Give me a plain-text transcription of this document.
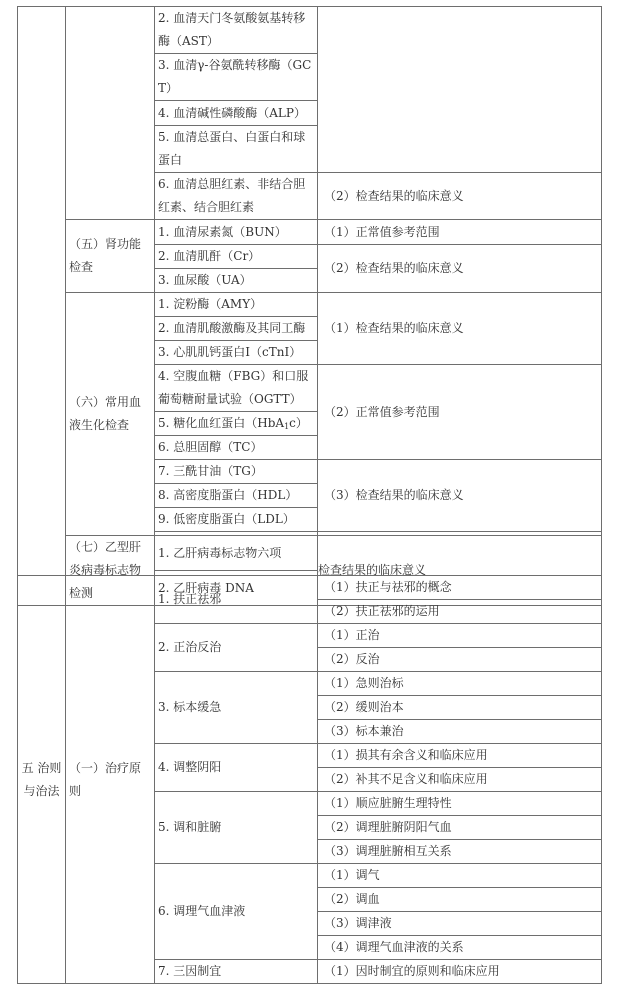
		2. 血清天门冬氨酸氨基转移酶（AST）	
		3. 血清γ-谷氨酰转移酶（GCT）	
		4. 血清碱性磷酸酶（ALP）	
		5. 血清总蛋白、白蛋白和球蛋白	
		6. 血清总胆红素、非结合胆红素、结合胆红素	（2）检查结果的临床意义
	（五）肾功能检查	1. 血清尿素氮（BUN）	（1）正常值参考范围
		2. 血清肌酐（Cr）	（2）检查结果的临床意义
		3. 血尿酸（UA）	
	（六）常用血液生化检查	1. 淀粉酶（AMY）	（1）检查结果的临床意义
		2. 血清肌酸激酶及其同工酶	
		3. 心肌肌钙蛋白Ⅰ（cTnI）	
		4. 空腹血糖（FBG）和口服葡萄糖耐量试验（OGTT）	（2）正常值参考范围
		5. 糖化血红蛋白（HbA$_1$c）	
		6. 总胆固醇（TC）	
		7. 三酰甘油（TG）	（3）检查结果的临床意义
		8. 高密度脂蛋白（HDL）	
		9. 低密度脂蛋白（LDL）	

	（七）乙型肝炎病毒标志物检测	1. 乙肝病毒标志物六项	检查结果的临床意义
		2. 乙肝病毒 DNA	
五 治则与治法	（一）治疗原则	1. 扶正祛邪	（1）扶正与祛邪的概念
			（2）扶正祛邪的运用
		2. 正治反治	（1）正治
			（2）反治
		3. 标本缓急	（1）急则治标
			（2）缓则治本
			（3）标本兼治
		4. 调整阴阳	（1）损其有余含义和临床应用
			（2）补其不足含义和临床应用
		5. 调和脏腑	（1）顺应脏腑生理特性
			（2）调理脏腑阴阳气血
			（3）调理脏腑相互关系
		6. 调理气血津液	（1）调气
			（2）调血
			（3）调津液
			（4）调理气血津液的关系
		7. 三因制宜	（1）因时制宜的原则和临床应用
